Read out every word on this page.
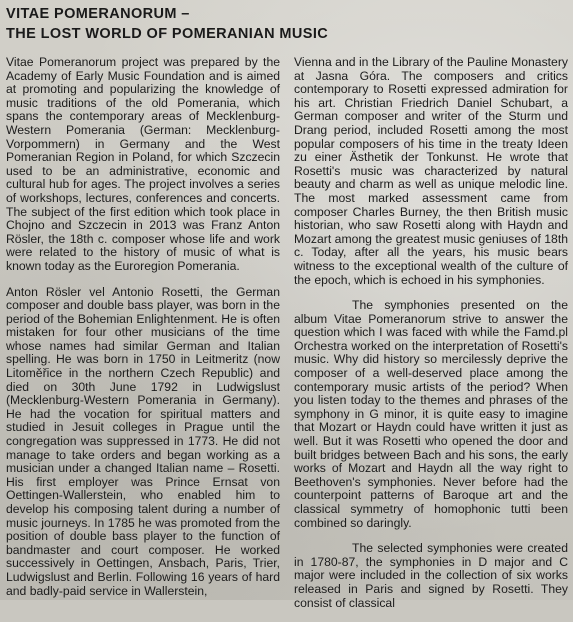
VITAE POMERANORUM –
THE LOST WORLD OF POMERANIAN MUSIC

Vitae Pomeranorum project was prepared by the Academy of Early Music Foundation and is aimed at promoting and popularizing the knowledge of music traditions of the old Pomerania, which spans the contemporary areas of Mecklenburg-Western Pomerania (German: Mecklenburg-Vorpommern) in Germany and the West Pomeranian Region in Poland, for which Szczecin used to be an administrative, economic and cultural hub for ages. The project involves a series of workshops, lectures, conferences and concerts. The subject of the first edition which took place in Chojno and Szczecin in 2013 was Franz Anton Rösler, the 18th c. composer whose life and work were related to the history of music of what is known today as the Euroregion Pomerania.

Anton Rösler vel Antonio Rosetti, the German composer and double bass player, was born in the period of the Bohemian Enlightenment. He is often mistaken for four other musicians of the time whose names had similar German and Italian spelling. He was born in 1750 in Leitmeritz (now Litoměřice in the northern Czech Republic) and died on 30th June 1792 in Ludwigslust (Mecklenburg-Western Pomerania in Germany). He had the vocation for spiritual matters and studied in Jesuit colleges in Prague until the congregation was suppressed in 1773. He did not manage to take orders and began working as a musician under a changed Italian name – Rosetti. His first employer was Prince Ernsat von Oettingen-Wallerstein, who enabled him to develop his composing talent during a number of music journeys. In 1785 he was promoted from the position of double bass player to the function of bandmaster and court composer. He worked successively in Oettingen, Ansbach, Paris, Trier, Ludwigslust and Berlin. Following 16 years of hard and badly-paid service in Wallerstein,

Vienna and in the Library of the Pauline Monastery at Jasna Góra. The composers and critics contemporary to Rosetti expressed admiration for his art. Christian Friedrich Daniel Schubart, a German composer and writer of the Sturm und Drang period, included Rosetti among the most popular composers of his time in the treaty Ideen zu einer Ästhetik der Tonkunst. He wrote that Rosetti's music was characterized by natural beauty and charm as well as unique melodic line. The most marked assessment came from composer Charles Burney, the then British music historian, who saw Rosetti along with Haydn and Mozart among the greatest music geniuses of 18th c. Today, after all the years, his music bears witness to the exceptional wealth of the culture of the epoch, which is echoed in his symphonies.

The symphonies presented on the album Vitae Pomeranorum strive to answer the question which I was faced with while the Famd.pl Orchestra worked on the interpretation of Rosetti's music. Why did history so mercilessly deprive the composer of a well-deserved place among the contemporary music artists of the period? When you listen today to the themes and phrases of the symphony in G minor, it is quite easy to imagine that Mozart or Haydn could have written it just as well. But it was Rosetti who opened the door and built bridges between Bach and his sons, the early works of Mozart and Haydn all the way right to Beethoven's symphonies. Never before had the counterpoint patterns of Baroque art and the classical symmetry of homophonic tutti been combined so daringly.

The selected symphonies were created in 1780-87, the symphonies in D major and C major were included in the collection of six works released in Paris and signed by Rosetti. They consist of classical
